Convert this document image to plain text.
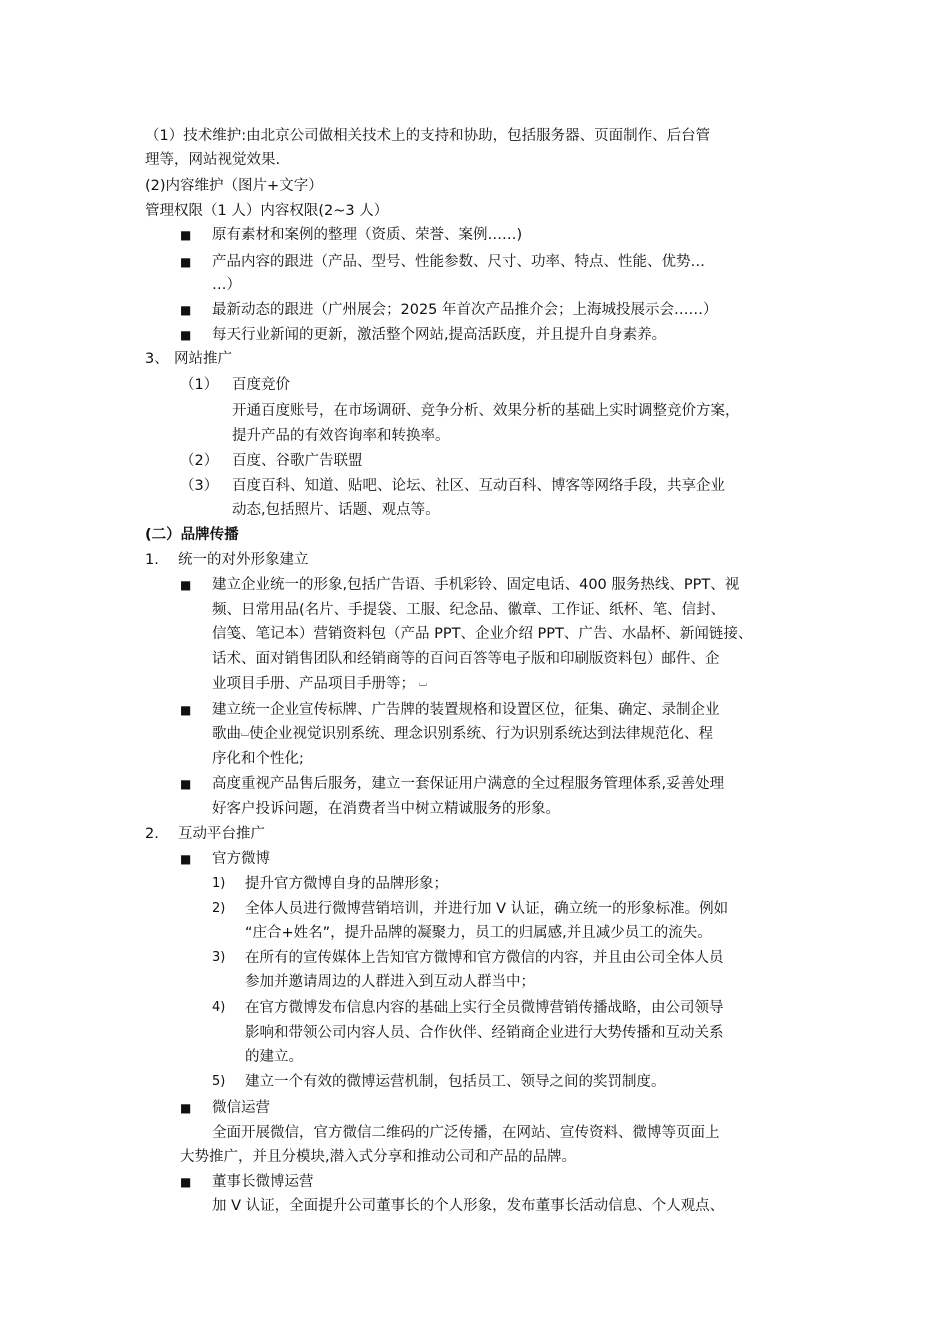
（1）技术维护:由北京公司做相关技术上的支持和协助，包括服务器、页面制作、后台管
理等，网站视觉效果.
(2)内容维护（图片+文字）
管理权限（1 人）内容权限(2~3 人）
■ 原有素材和案例的整理（资质、荣誉、案例……)
■ 产品内容的跟进（产品、型号、性能参数、尺寸、功率、特点、性能、优势…
…）
■ 最新动态的跟进（广州展会；2025 年首次产品推介会；上海城投展示会……）
■ 每天行业新闻的更新，激活整个网站,提高活跃度，并且提升自身素养。
3、 网站推广
（1） 百度竞价
开通百度账号，在市场调研、竞争分析、效果分析的基础上实时调整竞价方案，
提升产品的有效咨询率和转换率。
（2） 百度、谷歌广告联盟
（3） 百度百科、知道、贴吧、论坛、社区、互动百科、博客等网络手段，共享企业
动态,包括照片、话题、观点等。
(二）品牌传播
1. 统一的对外形象建立
■ 建立企业统一的形象,包括广告语、手机彩铃、固定电话、400 服务热线、PPT、视
频、日常用品(名片、手提袋、工服、纪念品、徽章、工作证、纸杯、笔、信封、
信笺、笔记本）营销资料包（产品 PPT、企业介绍 PPT、广告、水晶杯、新闻链接、
话术、面对销售团队和经销商等的百问百答等电子版和印刷版资料包）邮件、企
业项目手册、产品项目手册等； ⌴
■ 建立统一企业宣传标牌、广告牌的装置规格和设置区位，征集、确定、录制企业
歌曲⌴使企业视觉识别系统、理念识别系统、行为识别系统达到法律规范化、程
序化和个性化;
■ 高度重视产品售后服务，建立一套保证用户满意的全过程服务管理体系,妥善处理
好客户投诉问题，在消费者当中树立精诚服务的形象。
2. 互动平台推广
■ 官方微博
1) 提升官方微博自身的品牌形象；
2) 全体人员进行微博营销培训，并进行加 V 认证，确立统一的形象标准。例如
“庄合+姓名”，提升品牌的凝聚力，员工的归属感,并且减少员工的流失。
3) 在所有的宣传媒体上告知官方微博和官方微信的内容，并且由公司全体人员
参加并邀请周边的人群进入到互动人群当中；
4) 在官方微博发布信息内容的基础上实行全员微博营销传播战略，由公司领导
影响和带领公司内容人员、合作伙伴、经销商企业进行大势传播和互动关系
的建立。
5) 建立一个有效的微博运营机制，包括员工、领导之间的奖罚制度。
■ 微信运营
全面开展微信，官方微信二维码的广泛传播，在网站、宣传资料、微博等页面上
大势推广，并且分模块,潜入式分享和推动公司和产品的品牌。
■ 董事长微博运营
加 V 认证，全面提升公司董事长的个人形象，发布董事长活动信息、个人观点、
